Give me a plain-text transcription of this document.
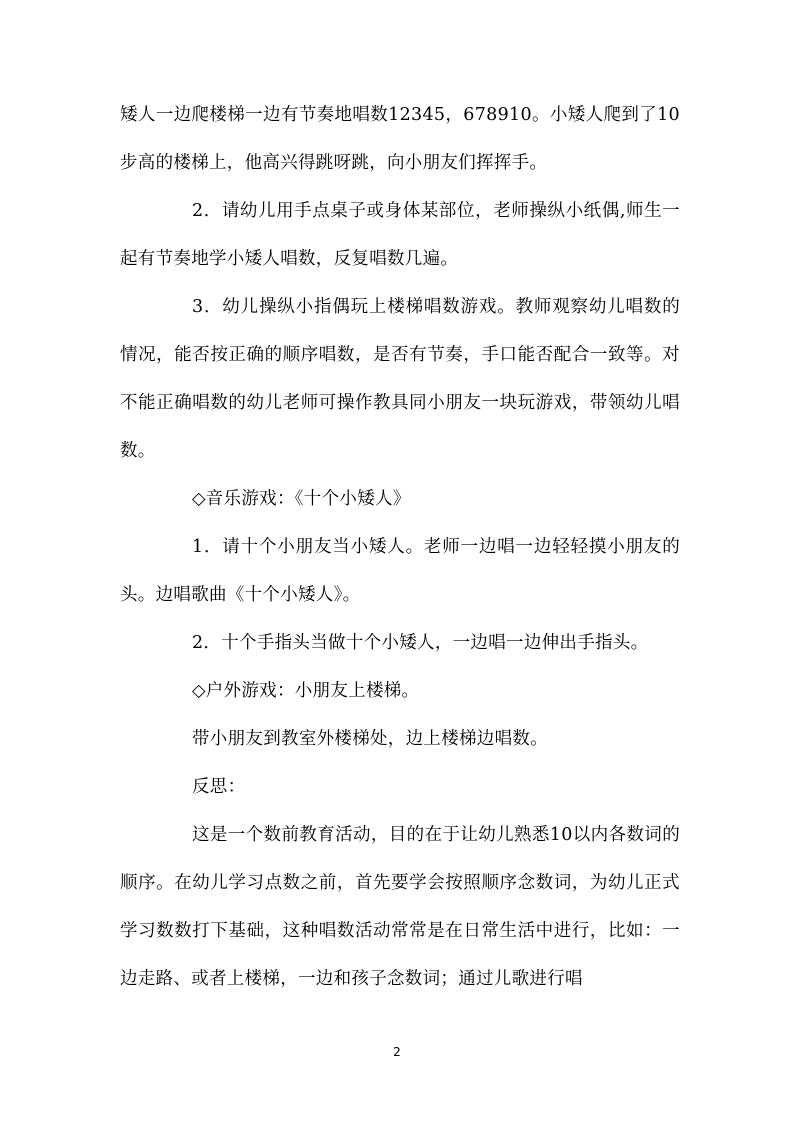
矮人一边爬楼梯一边有节奏地唱数12345，678910。小矮人爬到了10步高的楼梯上，他高兴得跳呀跳，向小朋友们挥挥手。

2．请幼儿用手点桌子或身体某部位，老师操纵小纸偶,师生一起有节奏地学小矮人唱数，反复唱数几遍。

3．幼儿操纵小指偶玩上楼梯唱数游戏。教师观察幼儿唱数的情况，能否按正确的顺序唱数，是否有节奏，手口能否配合一致等。对不能正确唱数的幼儿老师可操作教具同小朋友一块玩游戏，带领幼儿唱数。

◇音乐游戏：《十个小矮人》

1．请十个小朋友当小矮人。老师一边唱一边轻轻摸小朋友的头。边唱歌曲《十个小矮人》。

2．十个手指头当做十个小矮人，一边唱一边伸出手指头。

◇户外游戏：小朋友上楼梯。

带小朋友到教室外楼梯处，边上楼梯边唱数。

反思：

这是一个数前教育活动，目的在于让幼儿熟悉10以内各数词的顺序。在幼儿学习点数之前，首先要学会按照顺序念数词，为幼儿正式学习数数打下基础，这种唱数活动常常是在日常生活中进行，比如：一边走路、或者上楼梯，一边和孩子念数词；通过儿歌进行唱

2
